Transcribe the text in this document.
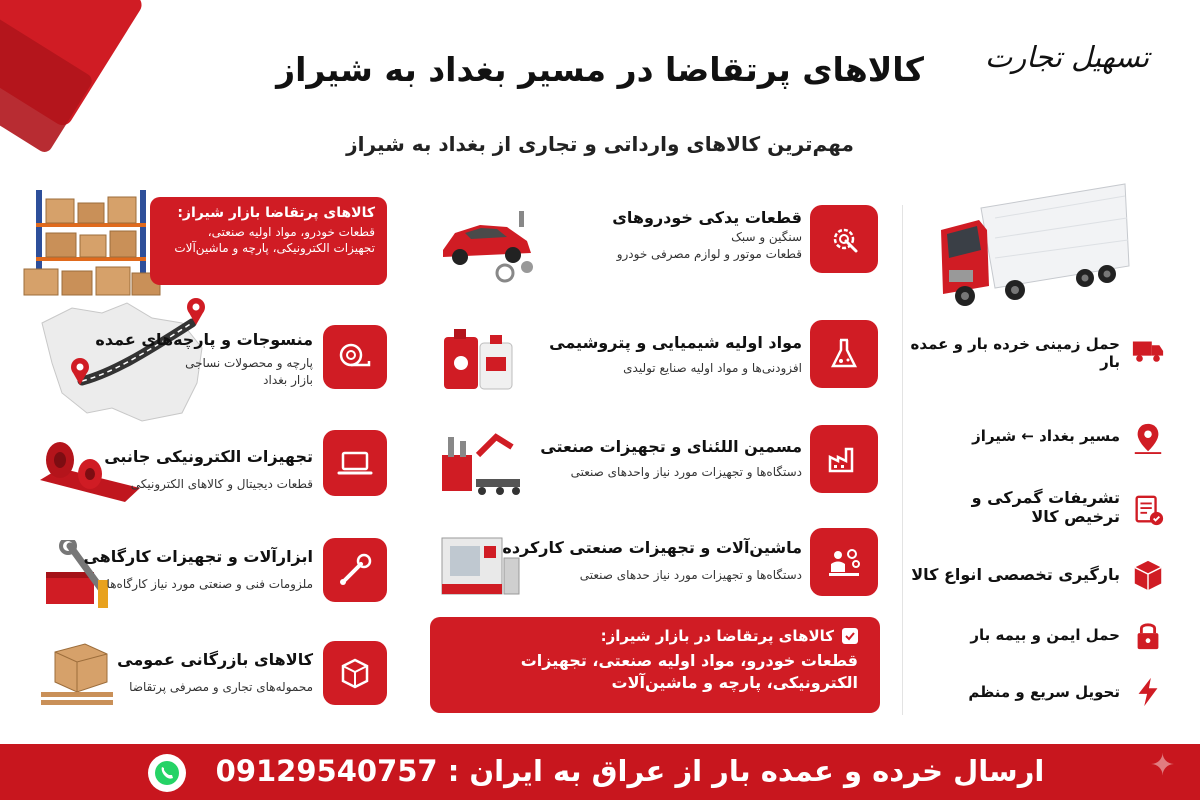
تسهیل تجارت
کالاهای پرتقاضا در مسیر بغداد به شیراز
مهم‌ترین کالاهای وارداتی و تجاری از بغداد به شیراز
کالاهای پرتقاضا بازار شیراز:
قطعات خودرو، مواد اولیه صنعتی،
تجهیزات الکترونیکی، پارچه و ماشین‌آلات
منسوجات و پارچه‌های عمده
پارچه و محصولات نساجی
بازار بغداد
تجهیزات الکترونیکی جانبی
قطعات دیجیتال و کالاهای الکترونیکی
ابزارآلات و تجهیزات کارگاهی
ملزومات فنی و صنعتی مورد نیاز کارگاه‌ها
کالاهای بازرگانی عمومی
محموله‌های تجاری و مصرفی پرتقاضا
قطعات یدکی خودروهای
سنگین و سبک
قطعات موتور و لوازم مصرفی خودرو
مواد اولیه شیمیایی و پتروشیمی
افزودنی‌ها و مواد اولیه صنایع تولیدی
مسمین اللئنای و تجهیزات صنعتی
دستگاه‌ها و تجهیزات مورد نیاز واحدهای صنعتی
ماشین‌آلات و تجهیزات صنعتی کارکرده
دستگاه‌ها و تجهیزات مورد نیاز حدهای صنعتی
کالاهای پرتقاضا در بازار شیراز:
قطعات خودرو، مواد اولیه صنعتی، تجهیزات
الکترونیکی، پارچه و ماشین‌آلات
حمل زمینی خرده بار و عمده
بار
مسیر بغداد ← شیراز
تشریفات گمرکی و
ترخیص کالا
بارگیری تخصصی انواع کالا
حمل ایمن و بیمه بار
تحویل سریع و منظم
ارسال خرده و عمده بار از عراق به ایران : 09129540757	✦
